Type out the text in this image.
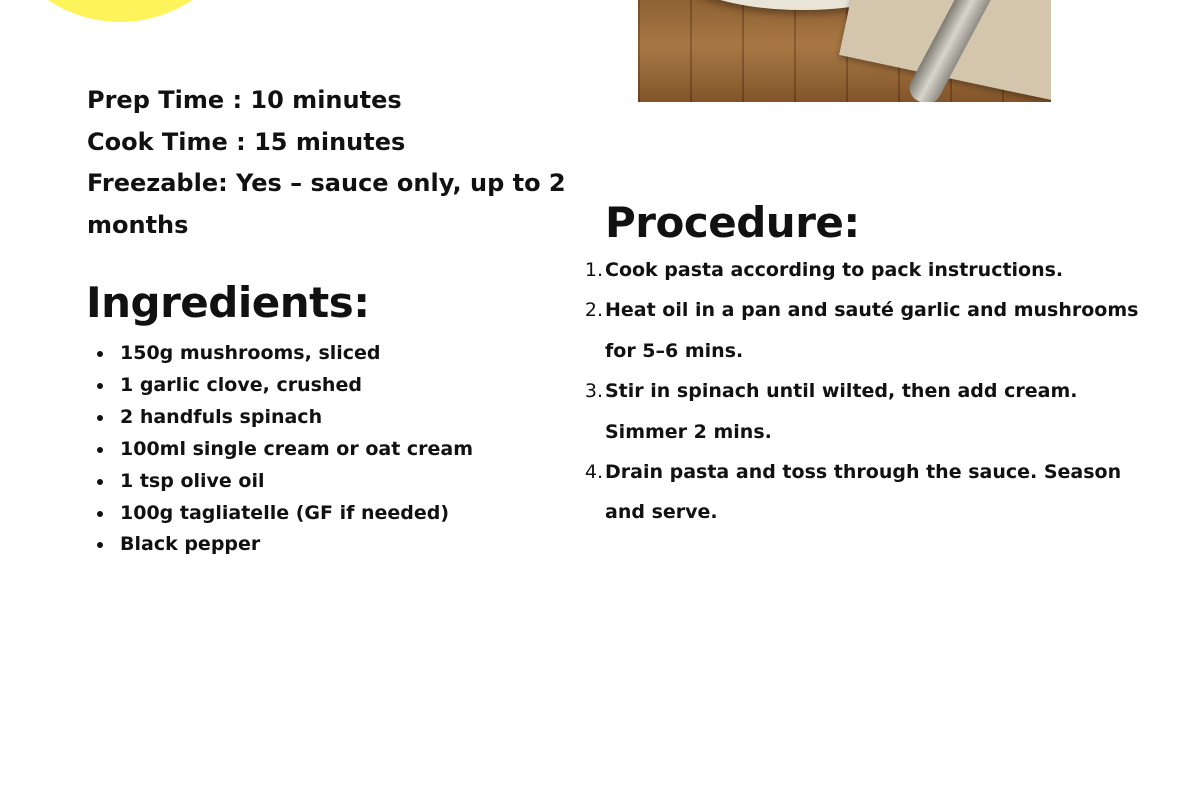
Prep Time : 10 minutes

Cook Time : 15 minutes

Freezable: Yes – sauce only, up to 2 months

Ingredients:
150g mushrooms, sliced
1 garlic clove, crushed
2 handfuls spinach
100ml single cream or oat cream
1 tsp olive oil
100g tagliatelle (GF if needed)
Black pepper
Procedure:
1. Cook pasta according to pack instructions.
2. Heat oil in a pan and sauté garlic and mushrooms for 5–6 mins.
3. Stir in spinach until wilted, then add cream. Simmer 2 mins.
4. Drain pasta and toss through the sauce. Season and serve.
